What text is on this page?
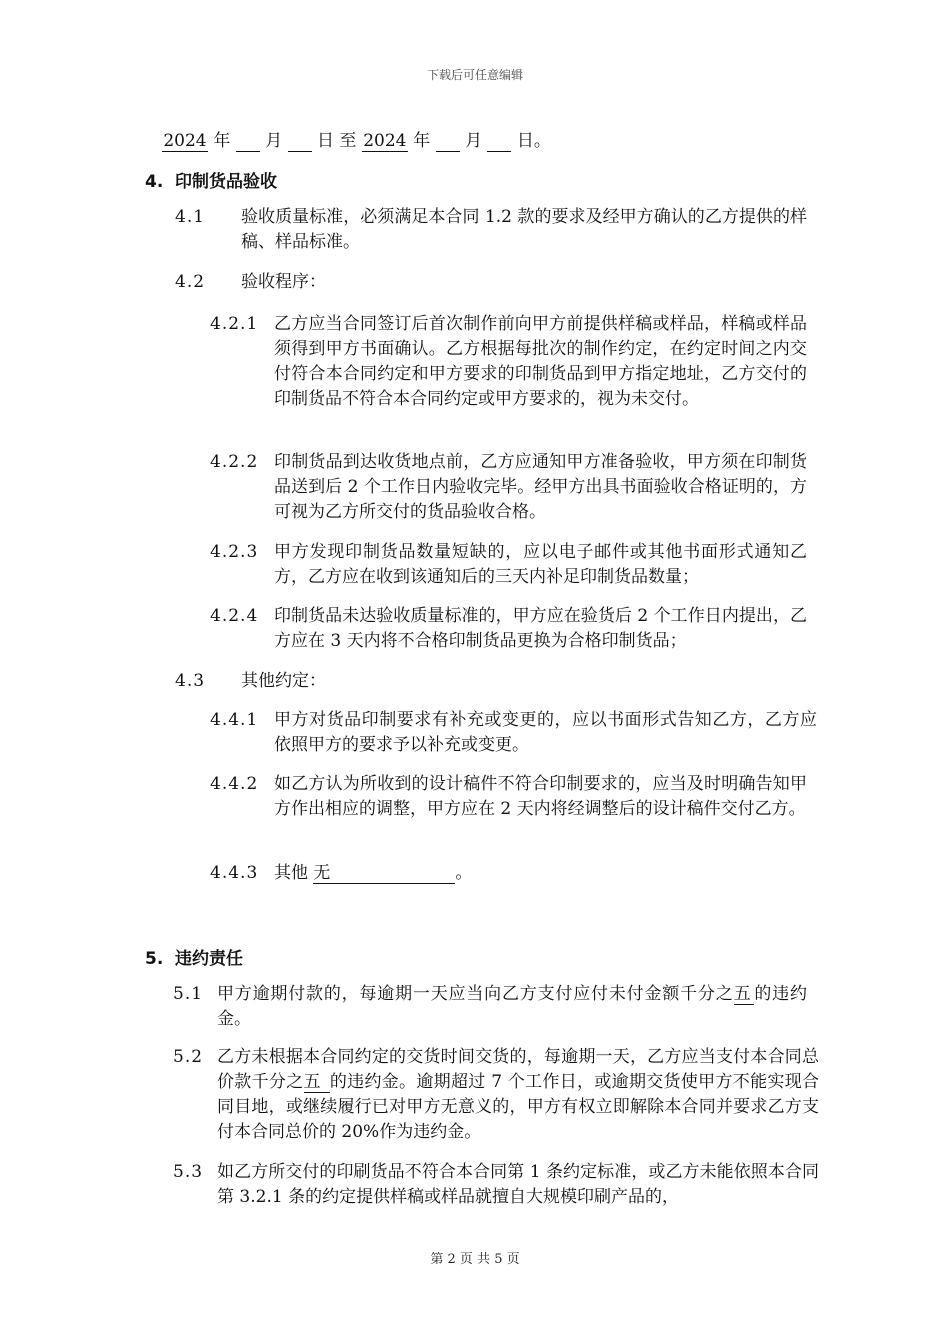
下载后可任意编辑
2024 年 月 日 至 2024 年 月 日。
4. 印制货品验收
4.1 验收质量标准，必须满足本合同 1.2 款的要求及经甲方确认的乙方提供的样稿、样品标准。
4.2 验收程序：
4.2.1 乙方应当合同签订后首次制作前向甲方前提供样稿或样品，样稿或样品须得到甲方书面确认。乙方根据每批次的制作约定，在约定时间之内交付符合本合同约定和甲方要求的印制货品到甲方指定地址，乙方交付的印制货品不符合本合同约定或甲方要求的，视为未交付。
4.2.2 印制货品到达收货地点前，乙方应通知甲方准备验收，甲方须在印制货品送到后 2 个工作日内验收完毕。经甲方出具书面验收合格证明的，方可视为乙方所交付的货品验收合格。
4.2.3 甲方发现印制货品数量短缺的，应以电子邮件或其他书面形式通知乙方，乙方应在收到该通知后的三天内补足印制货品数量；
4.2.4 印制货品未达验收质量标准的，甲方应在验货后 2 个工作日内提出，乙方应在 3 天内将不合格印制货品更换为合格印制货品；
4.3 其他约定：
4.4.1 甲方对货品印制要求有补充或变更的，应以书面形式告知乙方，乙方应依照甲方的要求予以补充或变更。
4.4.2 如乙方认为所收到的设计稿件不符合印制要求的，应当及时明确告知甲方作出相应的调整，甲方应在 2 天内将经调整后的设计稿件交付乙方。
4.4.3 其他 无	。
5. 违约责任
5.1 甲方逾期付款的，每逾期一天应当向乙方支付应付未付金额千分之五 的违约金。
5.2 乙方未根据本合同约定的交货时间交货的，每逾期一天，乙方应当支付本合同总价款千分之五 的违约金。逾期超过 7 个工作日，或逾期交货使甲方不能实现合同目地，或继续履行已对甲方无意义的，甲方有权立即解除本合同并要求乙方支付本合同总价的 20%作为违约金。
5.3 如乙方所交付的印刷货品不符合本合同第 1 条约定标准，或乙方未能依照本合同第 3.2.1 条的约定提供样稿或样品就擅自大规模印刷产品的，
第 2 页 共 5 页
